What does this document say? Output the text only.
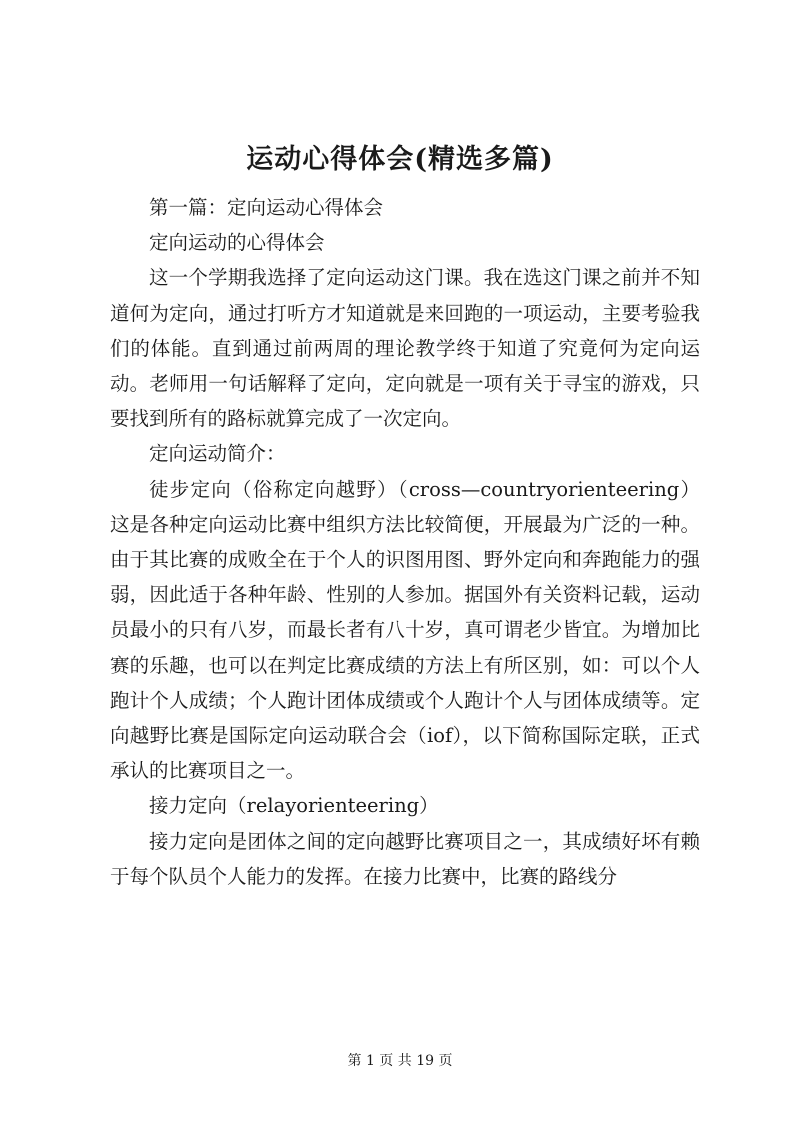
运动心得体会(精选多篇)

第一篇：定向运动心得体会

定向运动的心得体会

这一个学期我选择了定向运动这门课。我在选这门课之前并不知道何为定向，通过打听方才知道就是来回跑的一项运动，主要考验我们的体能。直到通过前两周的理论教学终于知道了究竟何为定向运动。老师用一句话解释了定向，定向就是一项有关于寻宝的游戏，只要找到所有的路标就算完成了一次定向。

定向运动简介：

徒步定向（俗称定向越野）（cross—countryorienteering）这是各种定向运动比赛中组织方法比较简便，开展最为广泛的一种。由于其比赛的成败全在于个人的识图用图、野外定向和奔跑能力的强弱，因此适于各种年龄、性别的人参加。据国外有关资料记载，运动员最小的只有八岁，而最长者有八十岁，真可谓老少皆宜。为增加比赛的乐趣，也可以在判定比赛成绩的方法上有所区别，如：可以个人跑计个人成绩；个人跑计团体成绩或个人跑计个人与团体成绩等。定向越野比赛是国际定向运动联合会（iof），以下简称国际定联，正式承认的比赛项目之一。

接力定向（relayorienteering）

接力定向是团体之间的定向越野比赛项目之一，其成绩好坏有赖于每个队员个人能力的发挥。在接力比赛中，比赛的路线分

第 1 页 共 19 页
